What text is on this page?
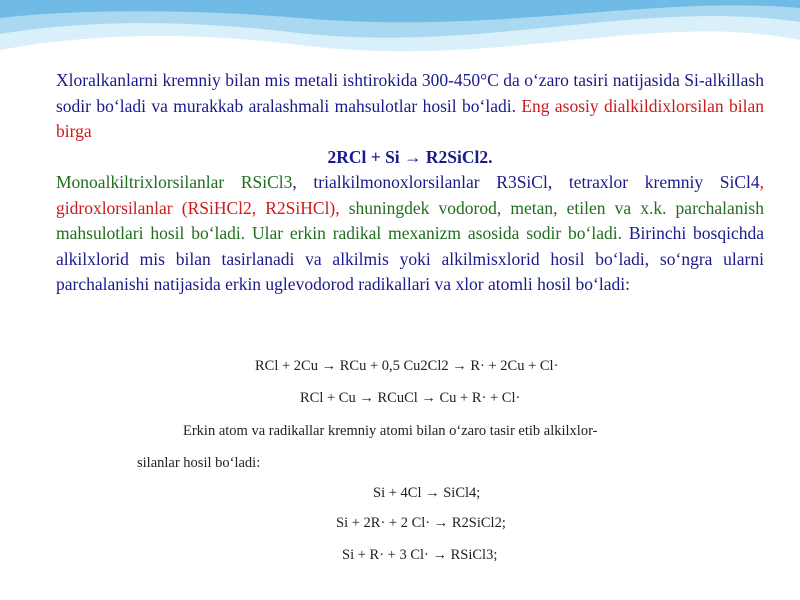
Xloralkanlarni kremniy bilan mis metali ishtirokida 300-450°C da o‘zaro tasiri natijasida Si-alkillash sodir bo‘ladi va murakkab aralashmali mahsulotlar hosil bo‘ladi. Eng asosiy dialkildixlorsilan bilan birga

2RCl + Si → R2SiCl2.

Monoalkiltrixlorsilanlar RSiCl3, trialkilmonoxlorsilanlar R3SiCl, tetraxlor kremniy SiCl4, gidroxlorsilanlar (RSiHCl2, R2SiHCl), shuningdek vodorod, metan, etilen va x.k. parchalanish mahsulotlari hosil bo‘ladi. Ular erkin radikal mexanizm asosida sodir bo‘ladi. Birinchi bosqichda alkilxlorid mis bilan tasirlanadi va alkilmis yoki alkilmisxlorid hosil bo‘ladi, so‘ngra ularni parchalanishi natijasida erkin uglevodorod radikallari va xlor atomli hosil bo‘ladi:

RCl + 2Cu → RCu + 0,5 Cu2Cl2 → R· + 2Cu + Cl·
RCl + Cu → RCuCl → Cu + R· + Cl·
Erkin atom va radikallar kremniy atomi bilan o‘zaro tasir etib alkilxlor-
silanlar hosil bo‘ladi:
Si + 4Cl → SiCl4;
Si + 2R· + 2 Cl· → R2SiCl2;
Si + R· + 3 Cl· → RSiCl3;
